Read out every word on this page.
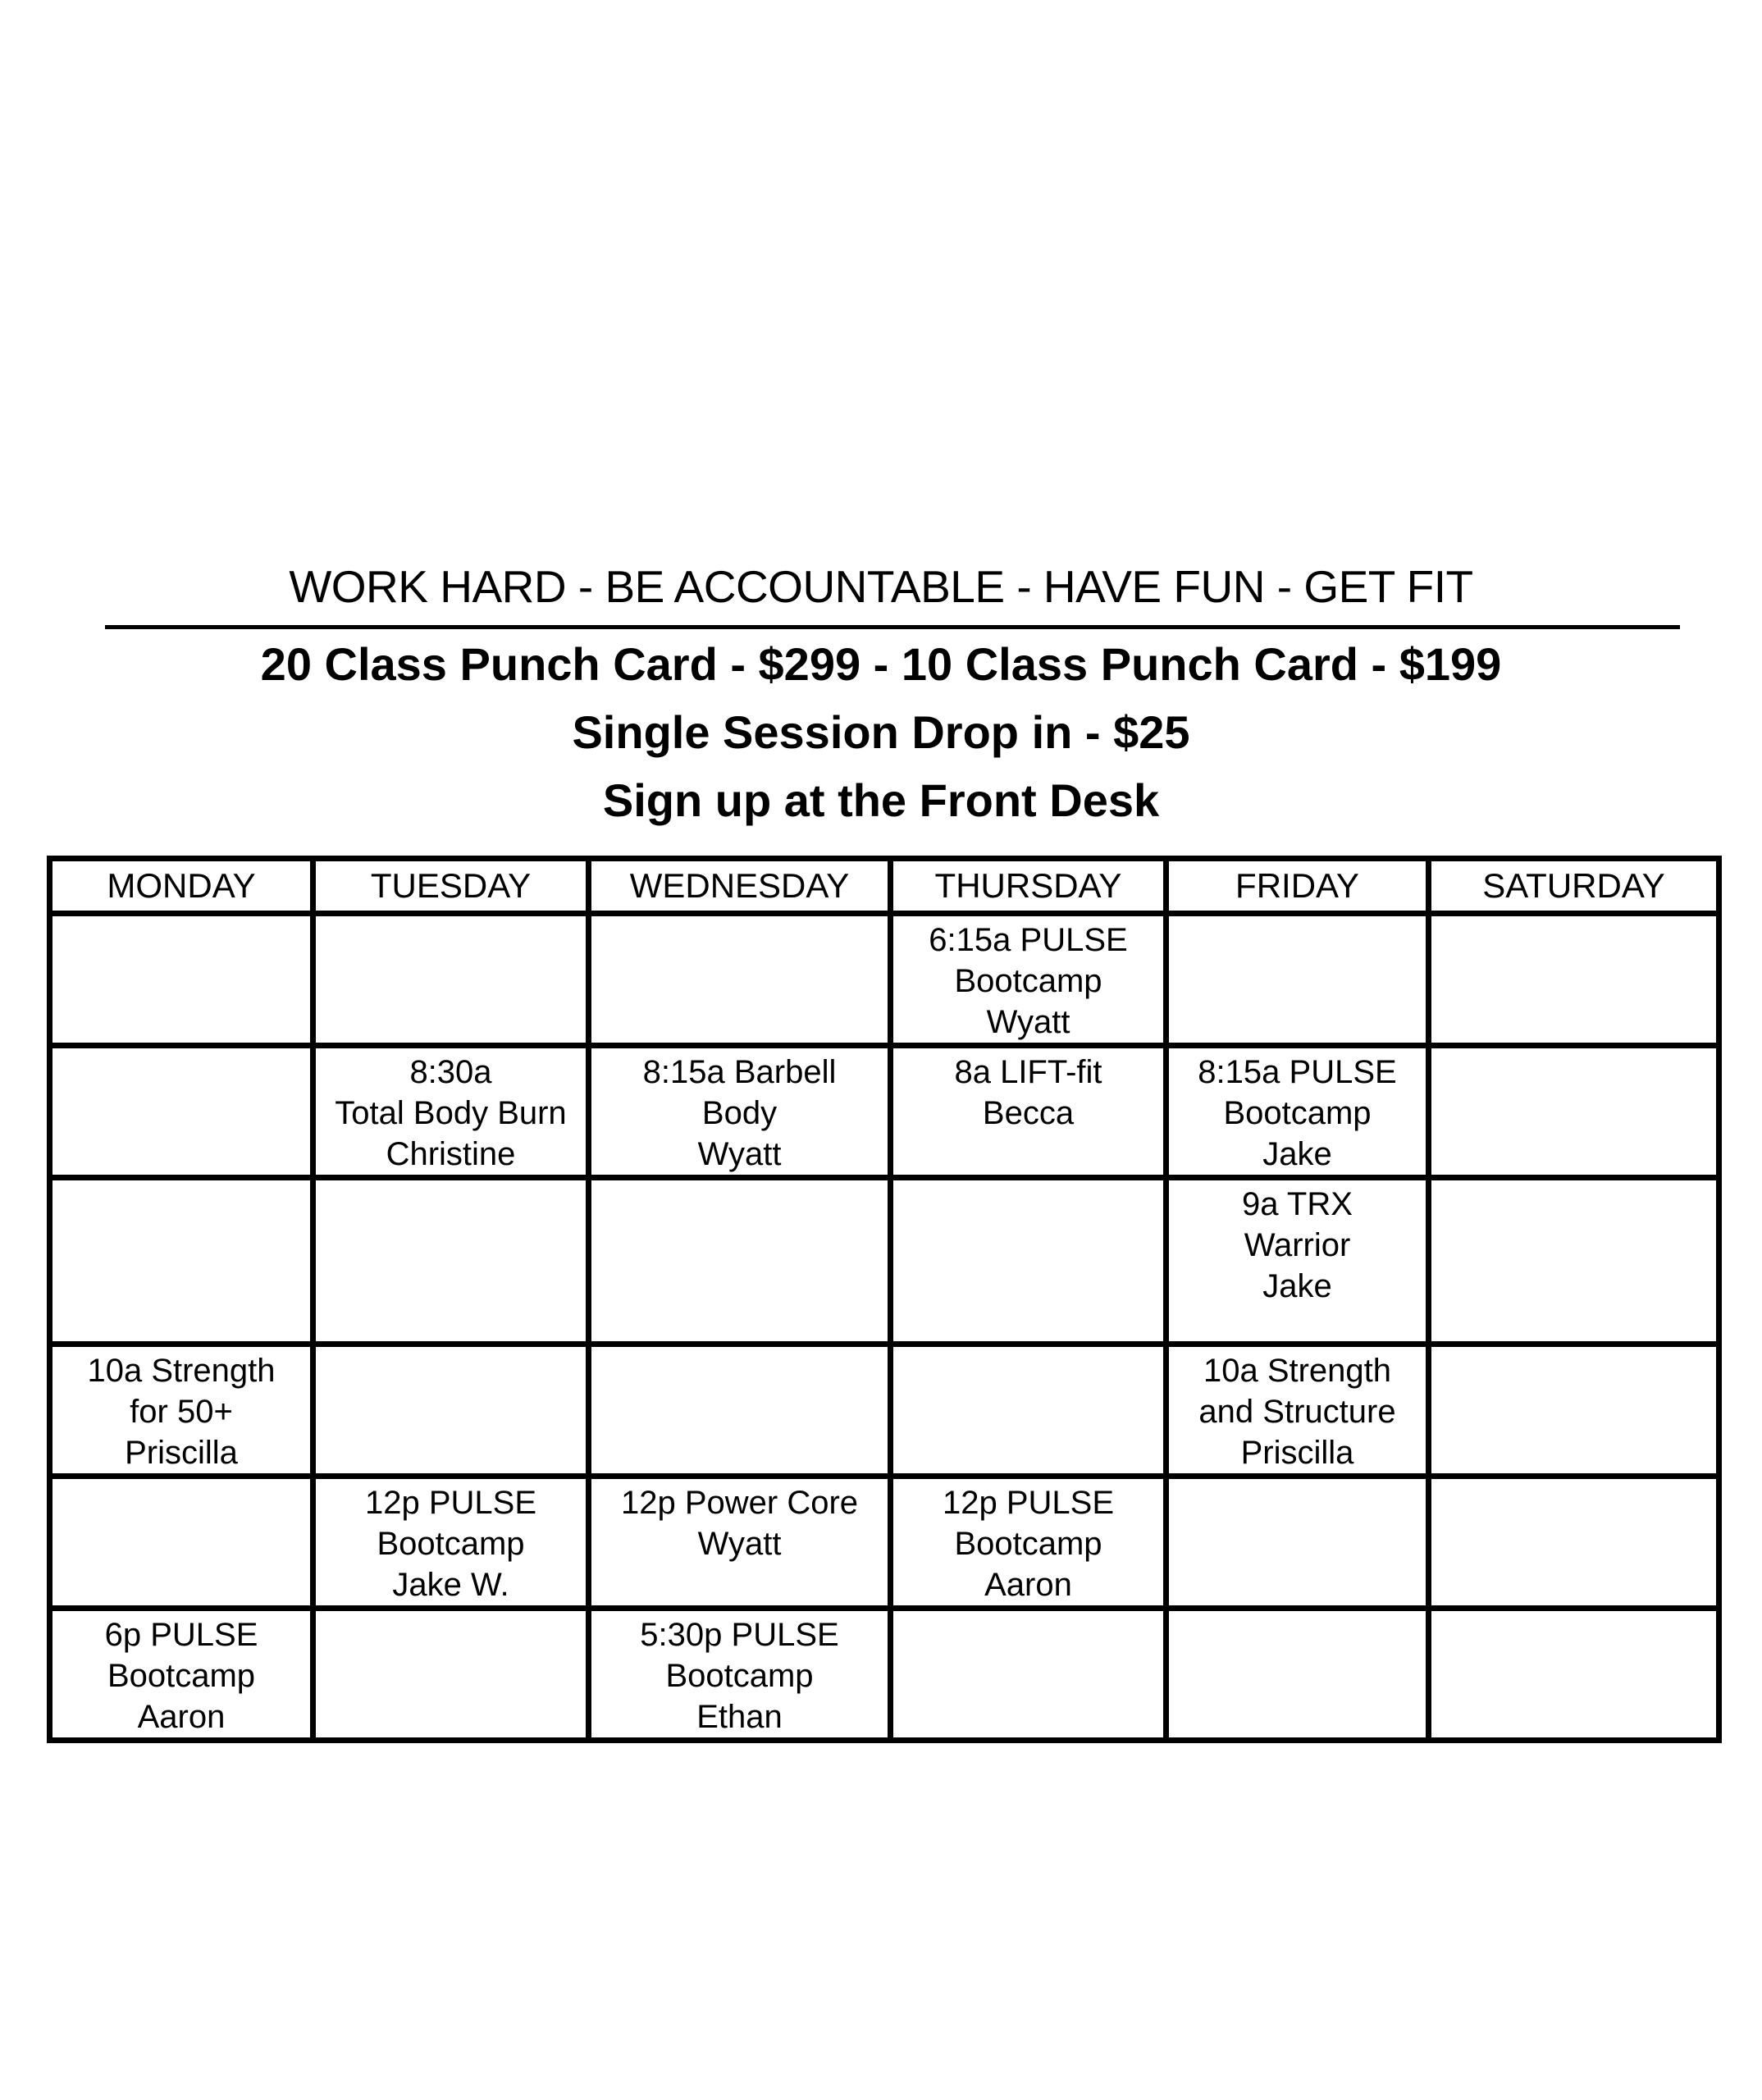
WORK HARD - BE ACCOUNTABLE - HAVE FUN - GET FIT
20 Class Punch Card - $299 - 10 Class Punch Card - $199
Single Session Drop in - $25
Sign up at the Front Desk
MONDAY	TUESDAY	WEDNESDAY	THURSDAY	FRIDAY	SATURDAY

			6:15a PULSE
Bootcamp
Wyatt		

	8:30a
Total Body Burn
Christine	8:15a Barbell
Body
Wyatt	8a LIFT-fit
Becca	8:15a PULSE
Bootcamp
Jake	

				9a TRX
Warrior
Jake	

10a Strength
for 50+
Priscilla				10a Strength
and Structure
Priscilla	

	12p PULSE
Bootcamp
Jake W.	12p Power Core
Wyatt	12p PULSE
Bootcamp
Aaron		

6p PULSE
Bootcamp
Aaron		5:30p PULSE
Bootcamp
Ethan			
